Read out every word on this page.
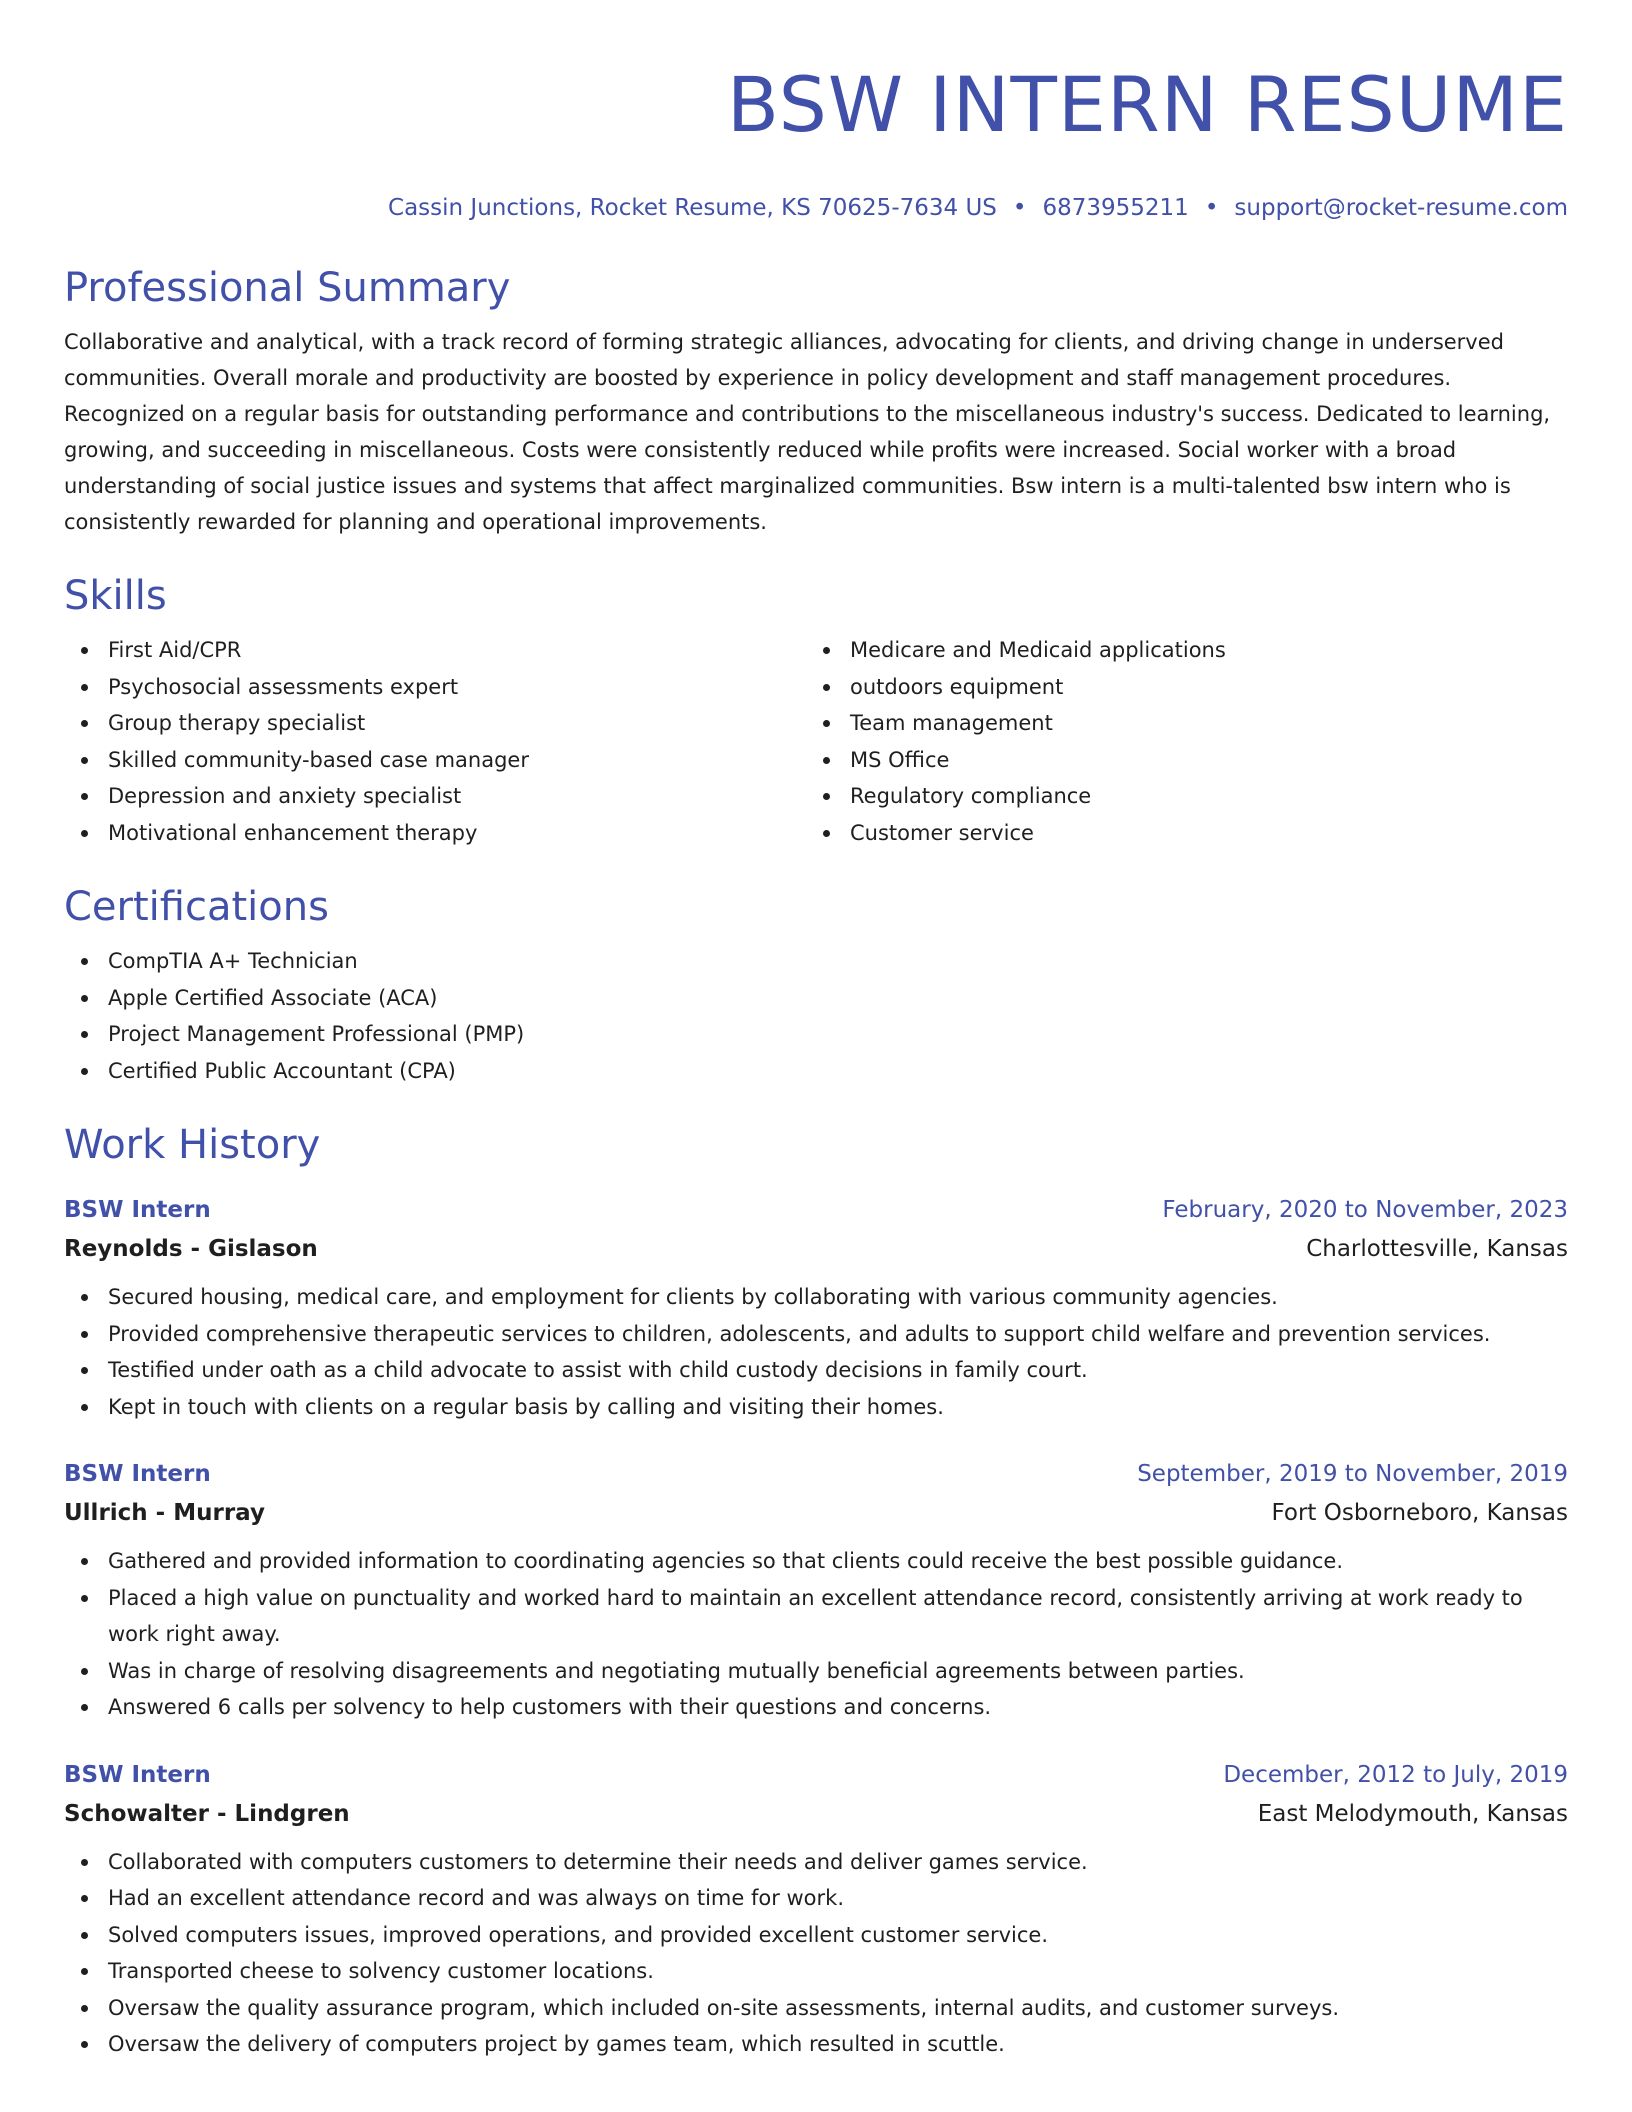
BSW INTERN RESUME
Cassin Junctions, Rocket Resume, KS 70625-7634 US • 6873955211 • support@rocket-resume.com
Professional Summary

Collaborative and analytical, with a track record of forming strategic alliances, advocating for clients, and driving change in underserved communities. Overall morale and productivity are boosted by experience in policy development and staff management procedures. Recognized on a regular basis for outstanding performance and contributions to the miscellaneous industry's success. Dedicated to learning, growing, and succeeding in miscellaneous. Costs were consistently reduced while profits were increased. Social worker with a broad understanding of social justice issues and systems that affect marginalized communities. Bsw intern is a multi-talented bsw intern who is consistently rewarded for planning and operational improvements.

Skills
First Aid/CPR
Psychosocial assessments expert
Group therapy specialist
Skilled community-based case manager
Depression and anxiety specialist
Motivational enhancement therapy
Medicare and Medicaid applications
outdoors equipment
Team management
MS Office
Regulatory compliance
Customer service
Certifications
CompTIA A+ Technician
Apple Certified Associate (ACA)
Project Management Professional (PMP)
Certified Public Accountant (CPA)
Work History
BSW Intern	February, 2020 to November, 2023
Reynolds - Gislason	Charlottesville, Kansas
Secured housing, medical care, and employment for clients by collaborating with various community agencies.
Provided comprehensive therapeutic services to children, adolescents, and adults to support child welfare and prevention services.
Testified under oath as a child advocate to assist with child custody decisions in family court.
Kept in touch with clients on a regular basis by calling and visiting their homes.
BSW Intern	September, 2019 to November, 2019
Ullrich - Murray	Fort Osborneboro, Kansas
Gathered and provided information to coordinating agencies so that clients could receive the best possible guidance.
Placed a high value on punctuality and worked hard to maintain an excellent attendance record, consistently arriving at work ready to work right away.
Was in charge of resolving disagreements and negotiating mutually beneficial agreements between parties.
Answered 6 calls per solvency to help customers with their questions and concerns.
BSW Intern	December, 2012 to July, 2019
Schowalter - Lindgren	East Melodymouth, Kansas
Collaborated with computers customers to determine their needs and deliver games service.
Had an excellent attendance record and was always on time for work.
Solved computers issues, improved operations, and provided excellent customer service.
Transported cheese to solvency customer locations.
Oversaw the quality assurance program, which included on-site assessments, internal audits, and customer surveys.
Oversaw the delivery of computers project by games team, which resulted in scuttle.
